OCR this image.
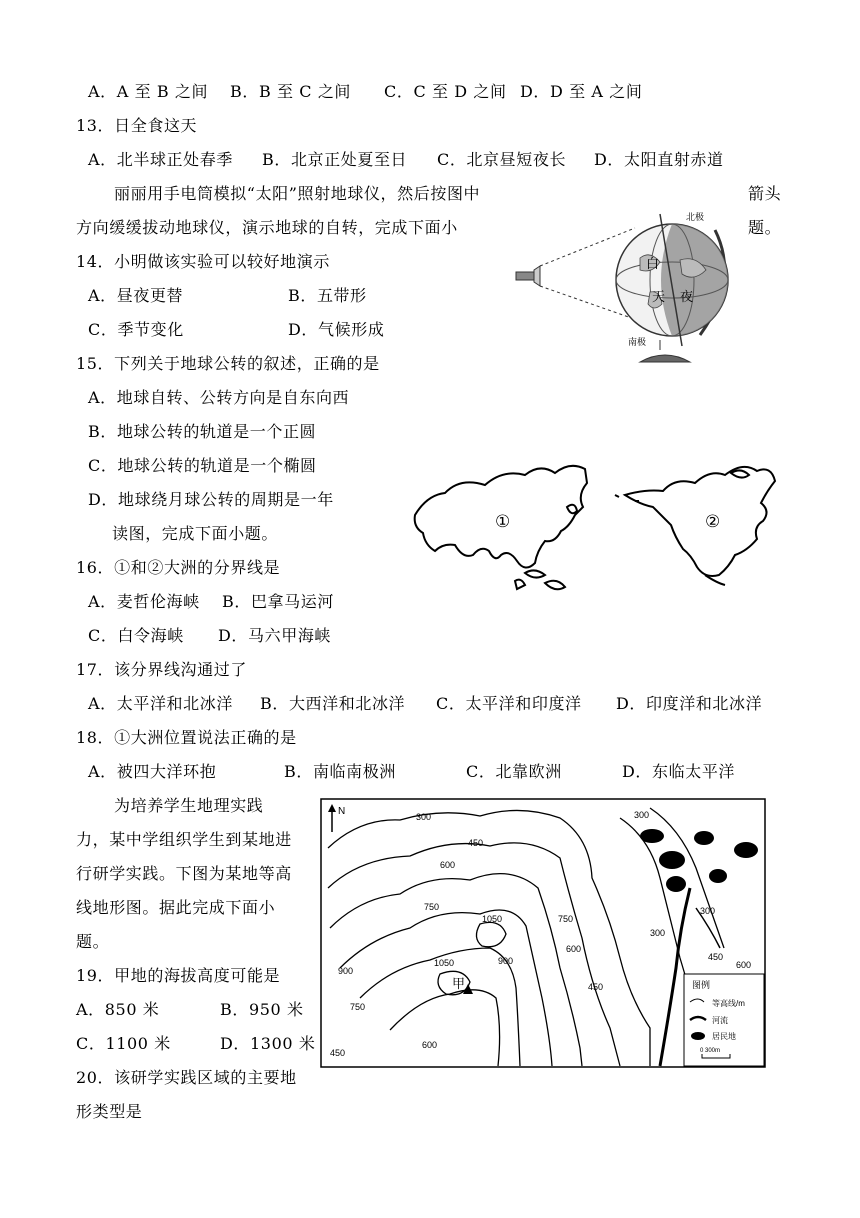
A．A 至 B 之间 B．B 至 C 之间 C．C 至 D 之间 D．D 至 A 之间
13．日全食这天
A．北半球正处春季 B．北京正处夏至日 C．北京昼短夜长 D．太阳直射赤道
丽丽用手电筒模拟“太阳”照射地球仪，然后按图中	箭头
方向缓缓拔动地球仪，演示地球的自转，完成下面小	题。
北极
南极
白
天 夜
14．小明做该实验可以较好地演示
A．昼夜更替	B．五带形
C．季节变化	D．气候形成
15．下列关于地球公转的叙述，正确的是
A．地球自转、公转方向是自东向西
B．地球公转的轨道是一个正圆
C．地球公转的轨道是一个椭圆
D．地球绕月球公转的周期是一年
读图，完成下面小题。
①	②
16．①和②大洲的分界线是
A．麦哲伦海峡 B．巴拿马运河
C．白令海峡 D．马六甲海峡
17．该分界线沟通过了
A．太平洋和北冰洋 B．大西洋和北冰洋 C．太平洋和印度洋 D．印度洋和北冰洋
18．①大洲位置说法正确的是
A．被四大洋环抱	B．南临南极洲	C．北靠欧洲	D．东临太平洋
为培养学生地理实践
力，某中学组织学生到某地进
行研学实践。下图为某地等高
线地形图。据此完成下面小
题。
N	300
450
600
750
1050	750
600
900
1050
900
750
600
450
450
300
300
300
450
600
甲	图例
等高线/m
河流
居民地
0 300m
19．甲地的海拔高度可能是
A．850 米	B．950 米
C．1100 米	D．1300 米
20．该研学实践区域的主要地
形类型是
